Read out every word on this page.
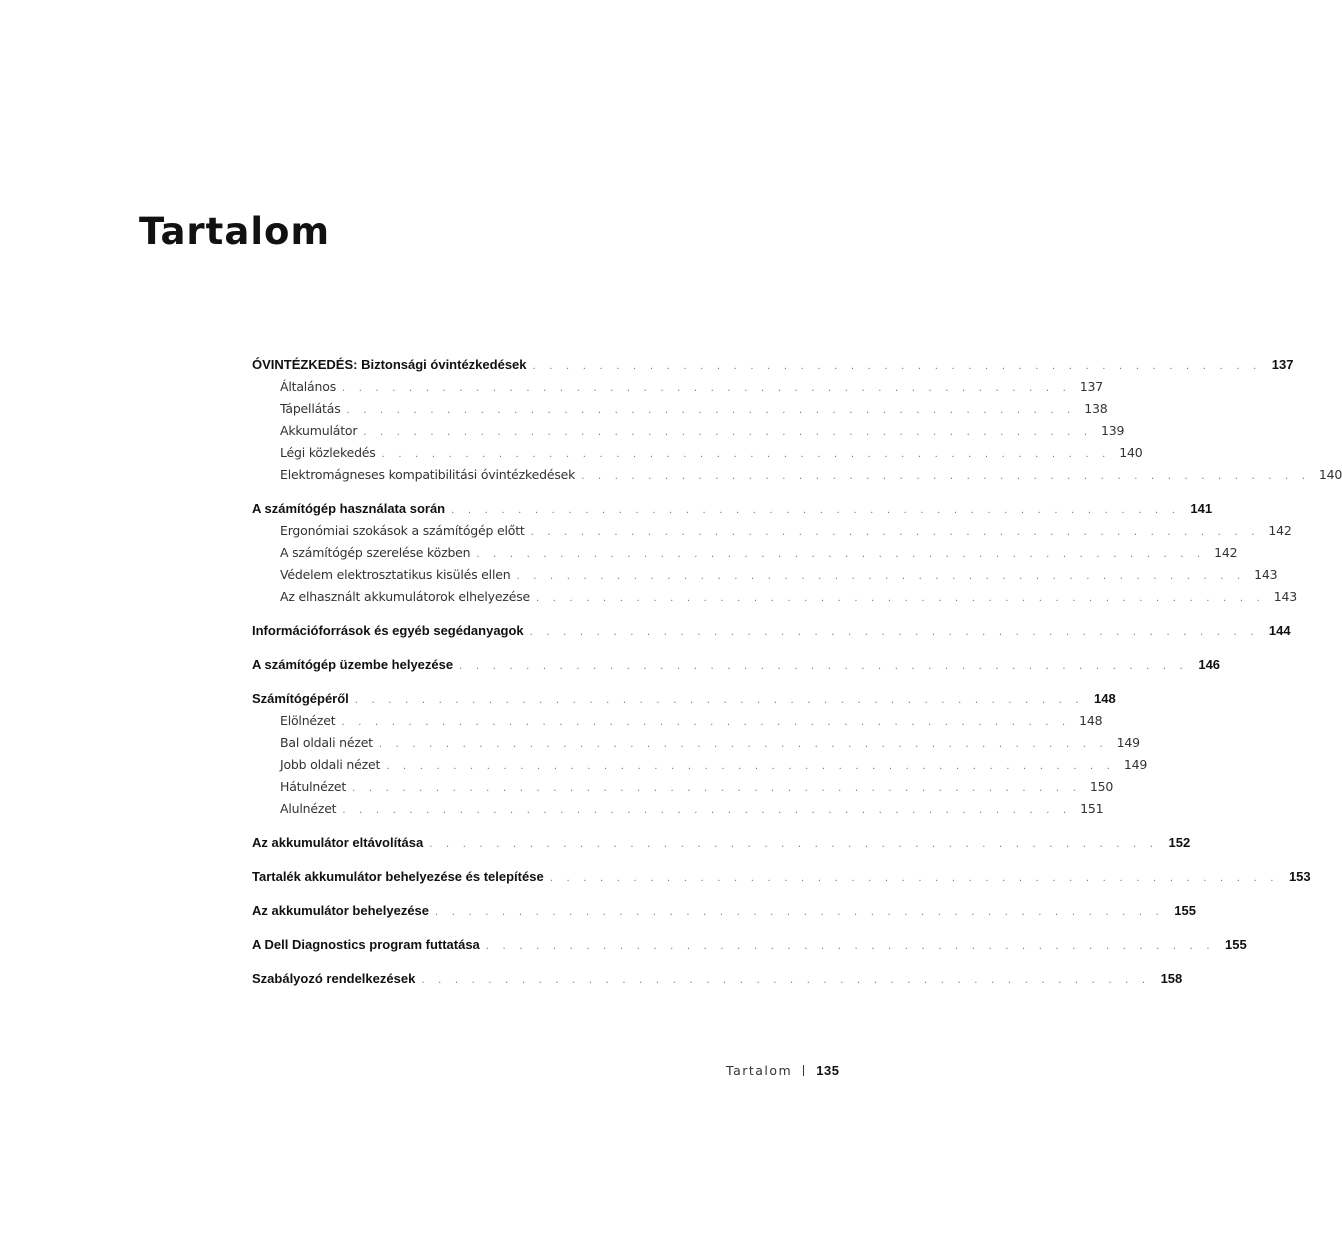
Tartalom
ÓVINTÉZKEDÉS: Biztonsági óvintézkedések . . . . . . . . . . . . . . . . . . . . . . . . . . . . . . . . . . . . . . . . . . . . 137
Általános . . . . . . . . . . . . . . . . . . . . . . . . . . . . . . . . . . . . . . . . . . . . 137
Tápellátás . . . . . . . . . . . . . . . . . . . . . . . . . . . . . . . . . . . . . . . . . . . . 138
Akkumulátor . . . . . . . . . . . . . . . . . . . . . . . . . . . . . . . . . . . . . . . . . . . . 139
Légi közlekedés . . . . . . . . . . . . . . . . . . . . . . . . . . . . . . . . . . . . . . . . . . . . 140
Elektromágneses kompatibilitási óvintézkedések . . . . . . . . . . . . . . . . . . . . . . . . . . . . . . . . . . . . . . . . . . . . 140
A számítógép használata során . . . . . . . . . . . . . . . . . . . . . . . . . . . . . . . . . . . . . . . . . . . . 141
Ergonómiai szokások a számítógép előtt . . . . . . . . . . . . . . . . . . . . . . . . . . . . . . . . . . . . . . . . . . . . 142
A számítógép szerelése közben . . . . . . . . . . . . . . . . . . . . . . . . . . . . . . . . . . . . . . . . . . . . 142
Védelem elektrosztatikus kisülés ellen . . . . . . . . . . . . . . . . . . . . . . . . . . . . . . . . . . . . . . . . . . . . 143
Az elhasznált akkumulátorok elhelyezése . . . . . . . . . . . . . . . . . . . . . . . . . . . . . . . . . . . . . . . . . . . . 143
Információforrások és egyéb segédanyagok . . . . . . . . . . . . . . . . . . . . . . . . . . . . . . . . . . . . . . . . . . . . 144
A számítógép üzembe helyezése . . . . . . . . . . . . . . . . . . . . . . . . . . . . . . . . . . . . . . . . . . . . 146
Számítógépéről . . . . . . . . . . . . . . . . . . . . . . . . . . . . . . . . . . . . . . . . . . . . 148
Elölnézet . . . . . . . . . . . . . . . . . . . . . . . . . . . . . . . . . . . . . . . . . . . . 148
Bal oldali nézet . . . . . . . . . . . . . . . . . . . . . . . . . . . . . . . . . . . . . . . . . . . . 149
Jobb oldali nézet . . . . . . . . . . . . . . . . . . . . . . . . . . . . . . . . . . . . . . . . . . . . 149
Hátulnézet . . . . . . . . . . . . . . . . . . . . . . . . . . . . . . . . . . . . . . . . . . . . 150
Alulnézet . . . . . . . . . . . . . . . . . . . . . . . . . . . . . . . . . . . . . . . . . . . . 151
Az akkumulátor eltávolítása . . . . . . . . . . . . . . . . . . . . . . . . . . . . . . . . . . . . . . . . . . . . 152
Tartalék akkumulátor behelyezése és telepítése . . . . . . . . . . . . . . . . . . . . . . . . . . . . . . . . . . . . . . . . . . . . 153
Az akkumulátor behelyezése . . . . . . . . . . . . . . . . . . . . . . . . . . . . . . . . . . . . . . . . . . . . 155
A Dell Diagnostics program futtatása . . . . . . . . . . . . . . . . . . . . . . . . . . . . . . . . . . . . . . . . . . . . 155
Szabályozó rendelkezések . . . . . . . . . . . . . . . . . . . . . . . . . . . . . . . . . . . . . . . . . . . . 158
Tartalom 135
